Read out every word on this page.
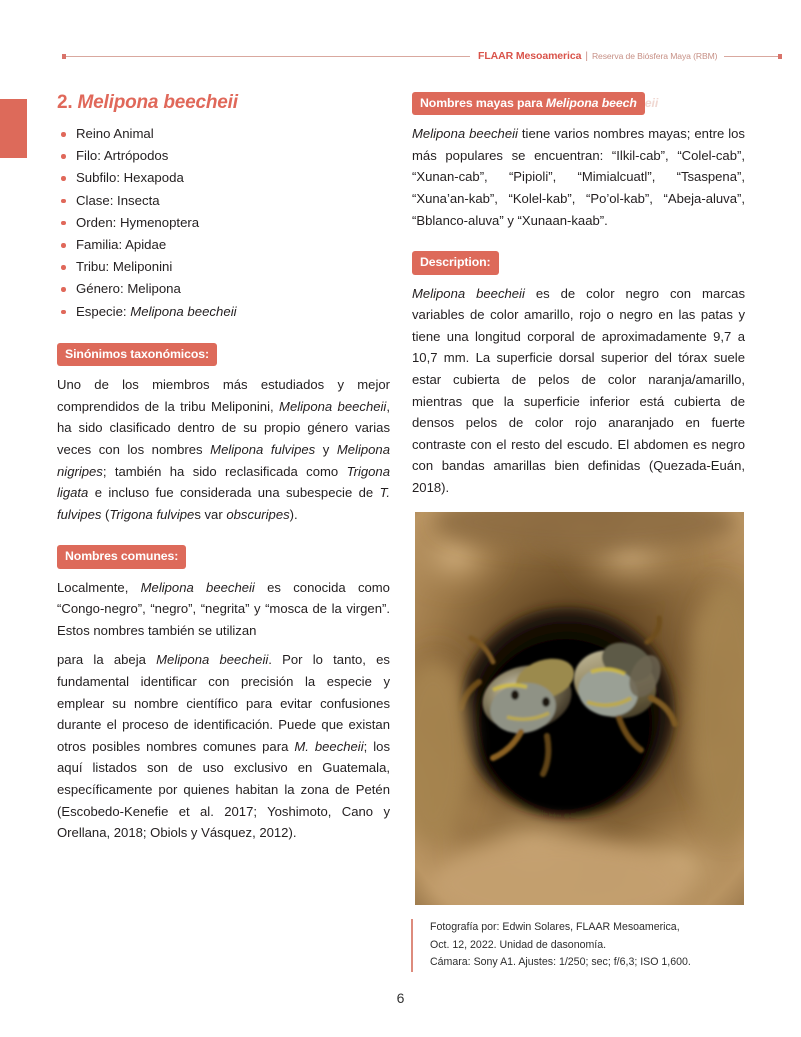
FLAAR Mesoamerica | Reserva de Biósfera Maya (RBM)
2. Melipona beecheii
Reino Animal
Filo: Artrópodos
Subfilo: Hexapoda
Clase: Insecta
Orden: Hymenoptera
Familia: Apidae
Tribu: Meliponini
Género: Melipona
Especie: Melipona beecheii
Sinónimos taxonómicos:

Uno de los miembros más estudiados y mejor comprendidos de la tribu Meliponini, Melipona beecheii, ha sido clasificado dentro de su propio género varias veces con los nombres Melipona fulvipes y Melipona nigripes; también ha sido reclasificada como Trigona ligata e incluso fue considerada una subespecie de T. fulvipes (Trigona fulvipes var obscuripes).

Nombres comunes:

Localmente, Melipona beecheii es conocida como “Congo-negro”, “negro”, “negrita” y “mosca de la virgen”. Estos nombres también se utilizan

para la abeja Melipona beecheii. Por lo tanto, es fundamental identificar con precisión la especie y emplear su nombre científico para evitar confusiones durante el proceso de identificación. Puede que existan otros posibles nombres comunes para M. beecheii; los aquí listados son de uso exclusivo en Guatemala, específicamente por quienes habitan la zona de Petén (Escobedo-Kenefie et al. 2017; Yoshimoto, Cano y Orellana, 2018; Obiols y Vásquez, 2012).

Nombres mayas para Melipona beech eii

Melipona beecheii tiene varios nombres mayas; entre los más populares se encuentran: “Ilkil-cab”, “Colel-cab”, “Xunan-cab”, “Pipioli”, “Mimialcuatl”, “Tsaspena”, “Xuna’an-kab”, “Kolel-kab”, “Po’ol-kab”, “Abeja-aluva”, “Bblanco-aluva” y “Xunaan-kaab”.

Description:

Melipona beecheii es de color negro con marcas variables de color amarillo, rojo o negro en las patas y tiene una longitud corporal de aproximadamente 9,7 a 10,7 mm. La superficie dorsal superior del tórax suele estar cubierta de pelos de color naranja/amarillo, mientras que la superficie inferior está cubierta de densos pelos de color rojo anaranjado en fuerte contraste con el resto del escudo. El abdomen es negro con bandas amarillas bien definidas (Quezada-Euán, 2018).

Fotografía por: Edwin Solares, FLAAR Mesoamerica,
Oct. 12, 2022. Unidad de dasonomía.
Cámara: Sony A1. Ajustes: 1/250; sec; f/6,3; ISO 1,600.
6
